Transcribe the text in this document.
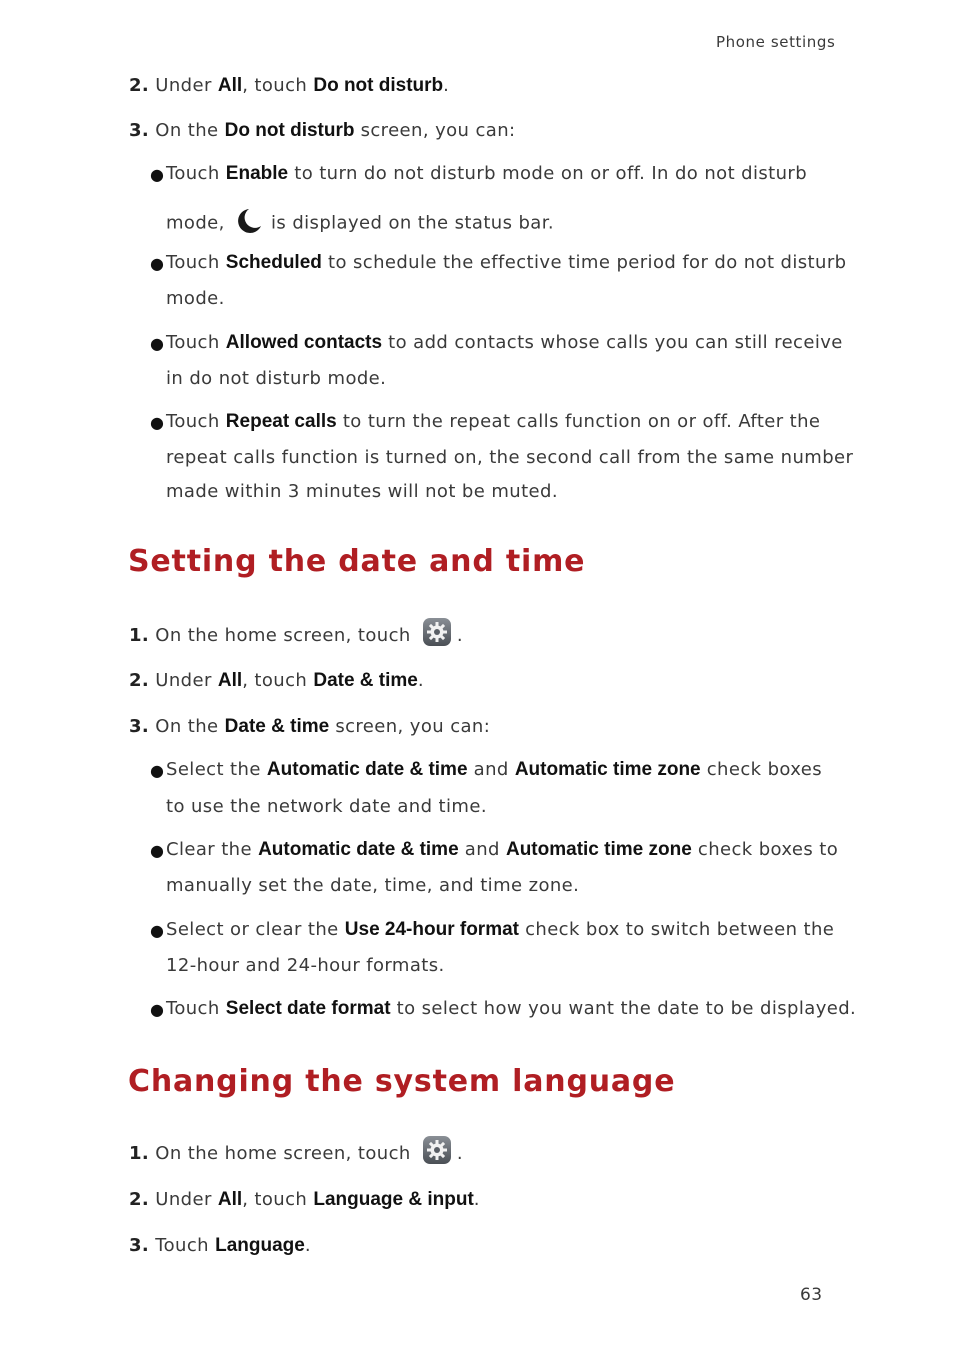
Phone settings
2. Under All, touch Do not disturb.
3. On the Do not disturb screen, you can:
● Touch Enable to turn do not disturb mode on or off. In do not disturb
mode,  is displayed on the status bar.
● Touch Scheduled to schedule the effective time period for do not disturb
mode.
● Touch Allowed contacts to add contacts whose calls you can still receive
in do not disturb mode.
● Touch Repeat calls to turn the repeat calls function on or off. After the
repeat calls function is turned on, the second call from the same number
made within 3 minutes will not be muted.
Setting the date and time
1. On the home screen, touch
.
2. Under All, touch Date & time.
3. On the Date & time screen, you can:
● Select the Automatic date & time and Automatic time zone check boxes
to use the network date and time.
● Clear the Automatic date & time and Automatic time zone check boxes to
manually set the date, time, and time zone.
● Select or clear the Use 24-hour format check box to switch between the
12-hour and 24-hour formats.
● Touch Select date format to select how you want the date to be displayed.
Changing the system language
1. On the home screen, touch
.
2. Under All, touch Language & input.
3. Touch Language.
63
